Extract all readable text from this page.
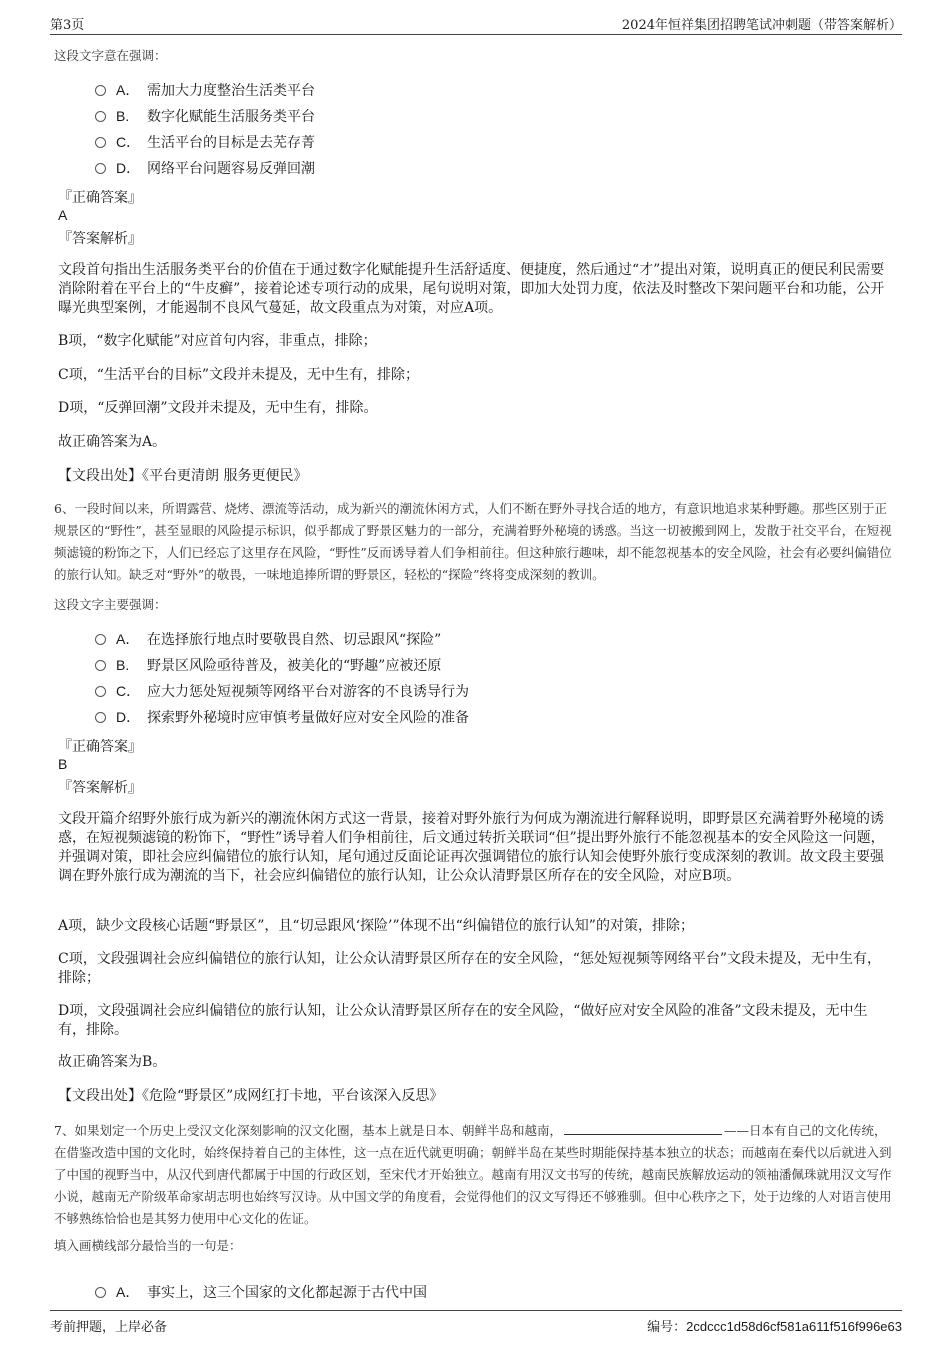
第3页	2024年恒祥集团招聘笔试冲刺题（带答案解析）
这段文字意在强调：
A． 需加大力度整治生活类平台
B. 数字化赋能生活服务类平台
C． 生活平台的目标是去芜存菁
D． 网络平台问题容易反弹回潮
『正确答案』
A
『答案解析』
文段首句指出生活服务类平台的价值在于通过数字化赋能提升生活舒适度、便捷度，然后通过“才”提出对策，说明真正的便民利民需要消除附着在平台上的“牛皮癣”，接着论述专项行动的成果，尾句说明对策，即加大处罚力度，依法及时整改下架问题平台和功能，公开曝光典型案例，才能遏制不良风气蔓延，故文段重点为对策，对应A项。
B项，“数字化赋能”对应首句内容，非重点，排除；
C项，“生活平台的目标”文段并未提及，无中生有，排除；
D项，“反弹回潮”文段并未提及，无中生有，排除。
故正确答案为A。
【文段出处】《平台更清朗 服务更便民》
6、一段时间以来，所谓露营、烧烤、漂流等活动，成为新兴的潮流休闲方式，人们不断在野外寻找合适的地方，有意识地追求某种野趣。那些区别于正规景区的“野性”，甚至显眼的风险提示标识，似乎都成了野景区魅力的一部分，充满着野外秘境的诱惑。当这一切被搬到网上，发散于社交平台，在短视频滤镜的粉饰之下，人们已经忘了这里存在风险，“野性”反而诱导着人们争相前往。但这种旅行趣味，却不能忽视基本的安全风险，社会有必要纠偏错位的旅行认知。缺乏对“野外”的敬畏，一味地追捧所谓的野景区，轻松的“探险”终将变成深刻的教训。
这段文字主要强调：
A． 在选择旅行地点时要敬畏自然、切忌跟风“探险”
B. 野景区风险亟待普及，被美化的“野趣”应被还原
C． 应大力惩处短视频等网络平台对游客的不良诱导行为
D． 探索野外秘境时应审慎考量做好应对安全风险的准备
『正确答案』
B
『答案解析』
文段开篇介绍野外旅行成为新兴的潮流休闲方式这一背景，接着对野外旅行为何成为潮流进行解释说明，即野景区充满着野外秘境的诱惑，在短视频滤镜的粉饰下，“野性”诱导着人们争相前往，后文通过转折关联词“但”提出野外旅行不能忽视基本的安全风险这一问题，并强调对策，即社会应纠偏错位的旅行认知，尾句通过反面论证再次强调错位的旅行认知会使野外旅行变成深刻的教训。故文段主要强调在野外旅行成为潮流的当下，社会应纠偏错位的旅行认知，让公众认清野景区所存在的安全风险，对应B项。
A项，缺少文段核心话题“野景区”，且“切忌跟风‘探险’”体现不出“纠偏错位的旅行认知”的对策，排除；
C项，文段强调社会应纠偏错位的旅行认知，让公众认清野景区所存在的安全风险，“惩处短视频等网络平台”文段未提及，无中生有，排除；
D项，文段强调社会应纠偏错位的旅行认知，让公众认清野景区所存在的安全风险，“做好应对安全风险的准备”文段未提及，无中生有，排除。
故正确答案为B。
【文段出处】《危险“野景区”成网红打卡地，平台该深入反思》
7、如果划定一个历史上受汉文化深刻影响的汉文化圈，基本上就是日本、朝鲜半岛和越南，	——日本有自己的文化传统，在借鉴改造中国的文化时，始终保持着自己的主体性，这一点在近代就更明确；朝鲜半岛在某些时期能保持基本独立的状态；而越南在秦代以后就进入到了中国的视野当中，从汉代到唐代都属于中国的行政区划，至宋代才开始独立。越南有用汉文书写的传统，越南民族解放运动的领袖潘佩珠就用汉文写作小说，越南无产阶级革命家胡志明也始终写汉诗。从中国文学的角度看，会觉得他们的汉文写得还不够雅驯。但中心秩序之下，处于边缘的人对语言使用不够熟练恰恰也是其努力使用中心文化的佐证。
填入画横线部分最恰当的一句是：
A． 事实上，这三个国家的文化都起源于古代中国
考前押题，上岸必备	编号：2cdccc1d58d6cf581a611f516f996e63
